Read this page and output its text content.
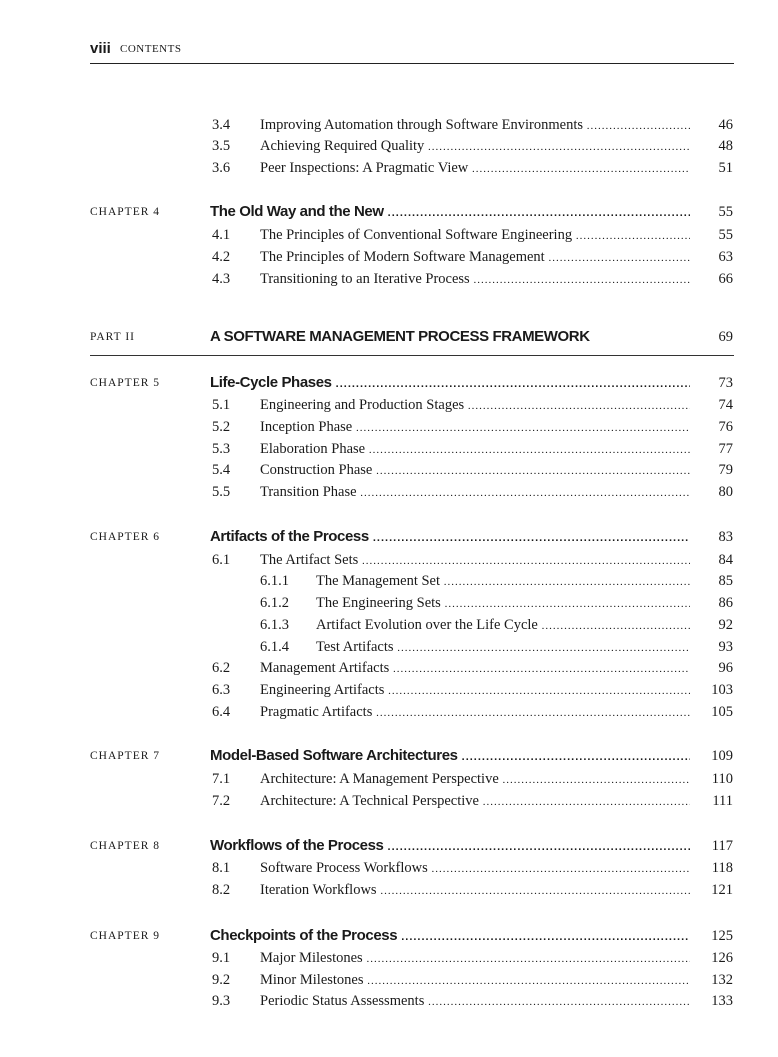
viii CONTENTS
3.4 Improving Automation through Software Environments .....	46
3.5 Achieving Required Quality .....	48
3.6 Peer Inspections: A Pragmatic View .....	51
CHAPTER 4	The Old Way and the New .....	55
4.1 The Principles of Conventional Software Engineering .....	55
4.2 The Principles of Modern Software Management .....	63
4.3 Transitioning to an Iterative Process .....	66
PART II	A SOFTWARE MANAGEMENT PROCESS FRAMEWORK	69
CHAPTER 5	Life-Cycle Phases .....	73
5.1 Engineering and Production Stages .....	74
5.2 Inception Phase .....	76
5.3 Elaboration Phase .....	77
5.4 Construction Phase .....	79
5.5 Transition Phase .....	80
CHAPTER 6	Artifacts of the Process .....	83
6.1 The Artifact Sets .....	84
6.1.1 The Management Set .....	85
6.1.2 The Engineering Sets .....	86
6.1.3 Artifact Evolution over the Life Cycle .....	92
6.1.4 Test Artifacts .....	93
6.2 Management Artifacts .....	96
6.3 Engineering Artifacts .....	103
6.4 Pragmatic Artifacts .....	105
CHAPTER 7	Model-Based Software Architectures .....	109
7.1 Architecture: A Management Perspective .....	110
7.2 Architecture: A Technical Perspective .....	111
CHAPTER 8	Workflows of the Process .....	117
8.1 Software Process Workflows .....	118
8.2 Iteration Workflows .....	121
CHAPTER 9	Checkpoints of the Process .....	125
9.1 Major Milestones .....	126
9.2 Minor Milestones .....	132
9.3 Periodic Status Assessments .....	133
